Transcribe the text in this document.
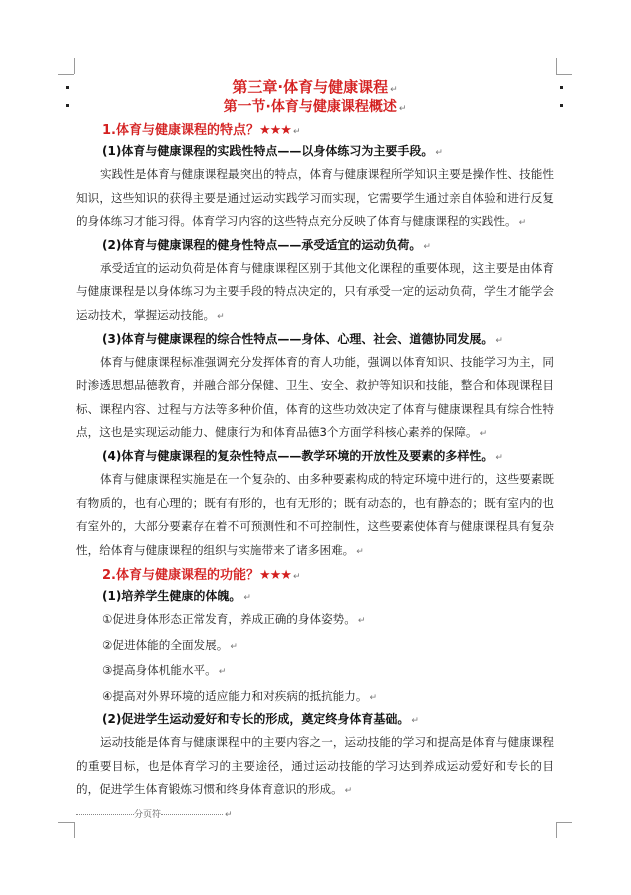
第三章·体育与健康课程 ↵
第一节·体育与健康课程概述 ↵
1.体育与健康课程的特点？★★★ ↵
(1)体育与健康课程的实践性特点——以身体练习为主要手段。 ↵
实践性是体育与健康课程最突出的特点，体育与健康课程所学知识主要是操作性、技能性知识，这些知识的获得主要是通过运动实践学习而实现，它需要学生通过亲自体验和进行反复的身体练习才能习得。体育学习内容的这些特点充分反映了体育与健康课程的实践性。 ↵
(2)体育与健康课程的健身性特点——承受适宜的运动负荷。 ↵
承受适宜的运动负荷是体育与健康课程区别于其他文化课程的重要体现，这主要是由体育与健康课程是以身体练习为主要手段的特点决定的，只有承受一定的运动负荷，学生才能学会运动技术，掌握运动技能。 ↵
(3)体育与健康课程的综合性特点——身体、心理、社会、道德协同发展。 ↵
体育与健康课程标准强调充分发挥体育的育人功能，强调以体育知识、技能学习为主，同时渗透思想品德教育，并融合部分保健、卫生、安全、救护等知识和技能，整合和体现课程目标、课程内容、过程与方法等多种价值，体育的这些功效决定了体育与健康课程具有综合性特点，这也是实现运动能力、健康行为和体育品德3个方面学科核心素养的保障。 ↵
(4)体育与健康课程的复杂性特点——教学环境的开放性及要素的多样性。 ↵
体育与健康课程实施是在一个复杂的、由多种要素构成的特定环境中进行的，这些要素既有物质的，也有心理的；既有有形的，也有无形的；既有动态的，也有静态的；既有室内的也有室外的，大部分要素存在着不可预测性和不可控制性，这些要素使体育与健康课程具有复杂性，给体育与健康课程的组织与实施带来了诸多困难。 ↵
2.体育与健康课程的功能？★★★ ↵
(1)培养学生健康的体魄。 ↵
①促进身体形态正常发育，养成正确的身体姿势。 ↵
②促进体能的全面发展。 ↵
③提高身体机能水平。 ↵
④提高对外界环境的适应能力和对疾病的抵抗能力。 ↵
(2)促进学生运动爱好和专长的形成，奠定终身体育基础。 ↵
运动技能是体育与健康课程中的主要内容之一，运动技能的学习和提高是体育与健康课程的重要目标，也是体育学习的主要途径，通过运动技能的学习达到养成运动爱好和专长的目的，促进学生体育锻炼习惯和终身体育意识的形成。 ↵
分页符	↵
